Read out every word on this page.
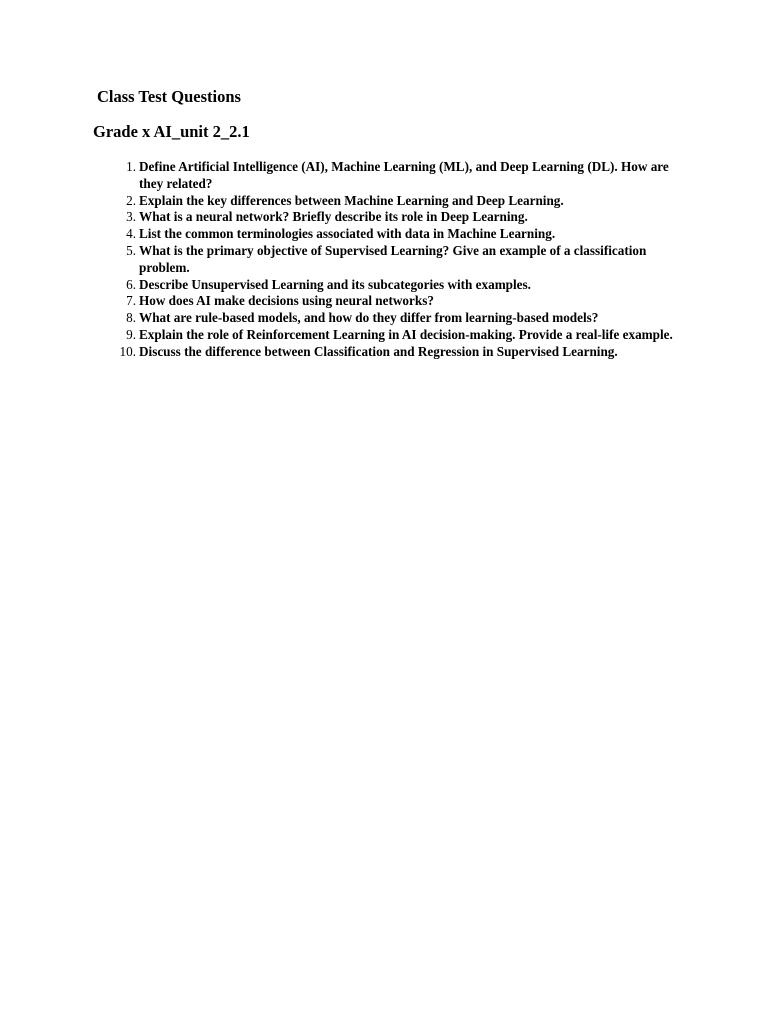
Class Test Questions
Grade x AI_unit 2_2.1
1. Define Artificial Intelligence (AI), Machine Learning (ML), and Deep Learning (DL). How are they related?
2. Explain the key differences between Machine Learning and Deep Learning.
3. What is a neural network? Briefly describe its role in Deep Learning.
4. List the common terminologies associated with data in Machine Learning.
5. What is the primary objective of Supervised Learning? Give an example of a classification problem.
6. Describe Unsupervised Learning and its subcategories with examples.
7. How does AI make decisions using neural networks?
8. What are rule-based models, and how do they differ from learning-based models?
9. Explain the role of Reinforcement Learning in AI decision-making. Provide a real-life example.
10. Discuss the difference between Classification and Regression in Supervised Learning.
